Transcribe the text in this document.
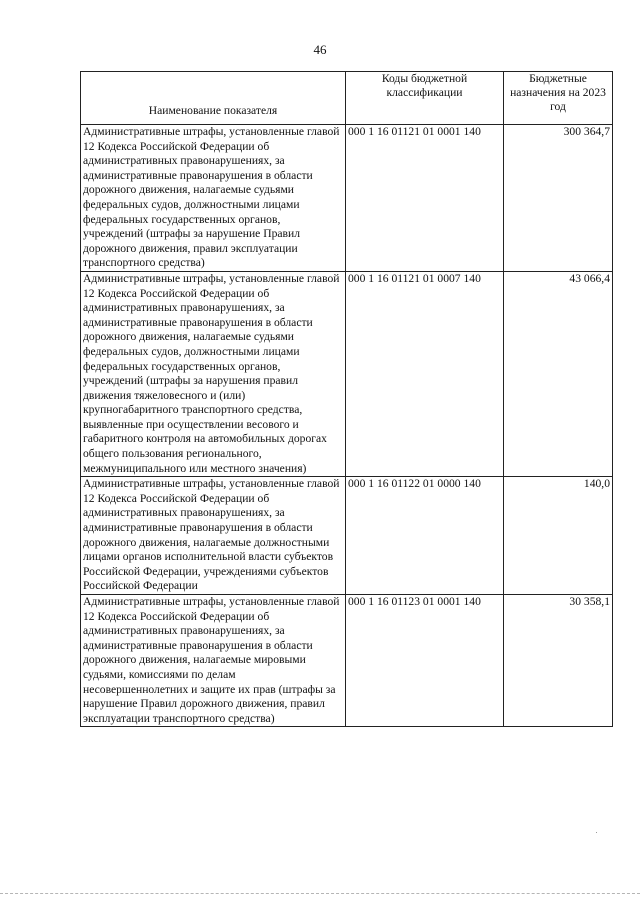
46
Наименование показателя	Коды бюджетной классификации	Бюджетные назначения на 2023 год
Административные штрафы, установленные главой 12 Кодекса Российской Федерации об административных правонарушениях, за административные правонарушения в области дорожного движения, налагаемые судьями федеральных судов, должностными лицами федеральных государственных органов, учреждений (штрафы за нарушение Правил дорожного движения, правил эксплуатации транспортного средства)	000 1 16 01121 01 0001 140	300 364,7
Административные штрафы, установленные главой 12 Кодекса Российской Федерации об административных правонарушениях, за административные правонарушения в области дорожного движения, налагаемые судьями федеральных судов, должностными лицами федеральных государственных органов, учреждений (штрафы за нарушения правил движения тяжеловесного и (или) крупногабаритного транспортного средства, выявленные при осуществлении весового и габаритного контроля на автомобильных дорогах общего пользования регионального, межмуниципального или местного значения)	000 1 16 01121 01 0007 140	43 066,4
Административные штрафы, установленные главой 12 Кодекса Российской Федерации об административных правонарушениях, за административные правонарушения в области дорожного движения, налагаемые должностными лицами органов исполнительной власти субъектов Российской Федерации, учреждениями субъектов Российской Федерации	000 1 16 01122 01 0000 140	140,0
Административные штрафы, установленные главой 12 Кодекса Российской Федерации об административных правонарушениях, за административные правонарушения в области дорожного движения, налагаемые мировыми судьями, комиссиями по делам несовершеннолетних и защите их прав (штрафы за нарушение Правил дорожного движения, правил эксплуатации транспортного средства)	000 1 16 01123 01 0001 140	30 358,1
